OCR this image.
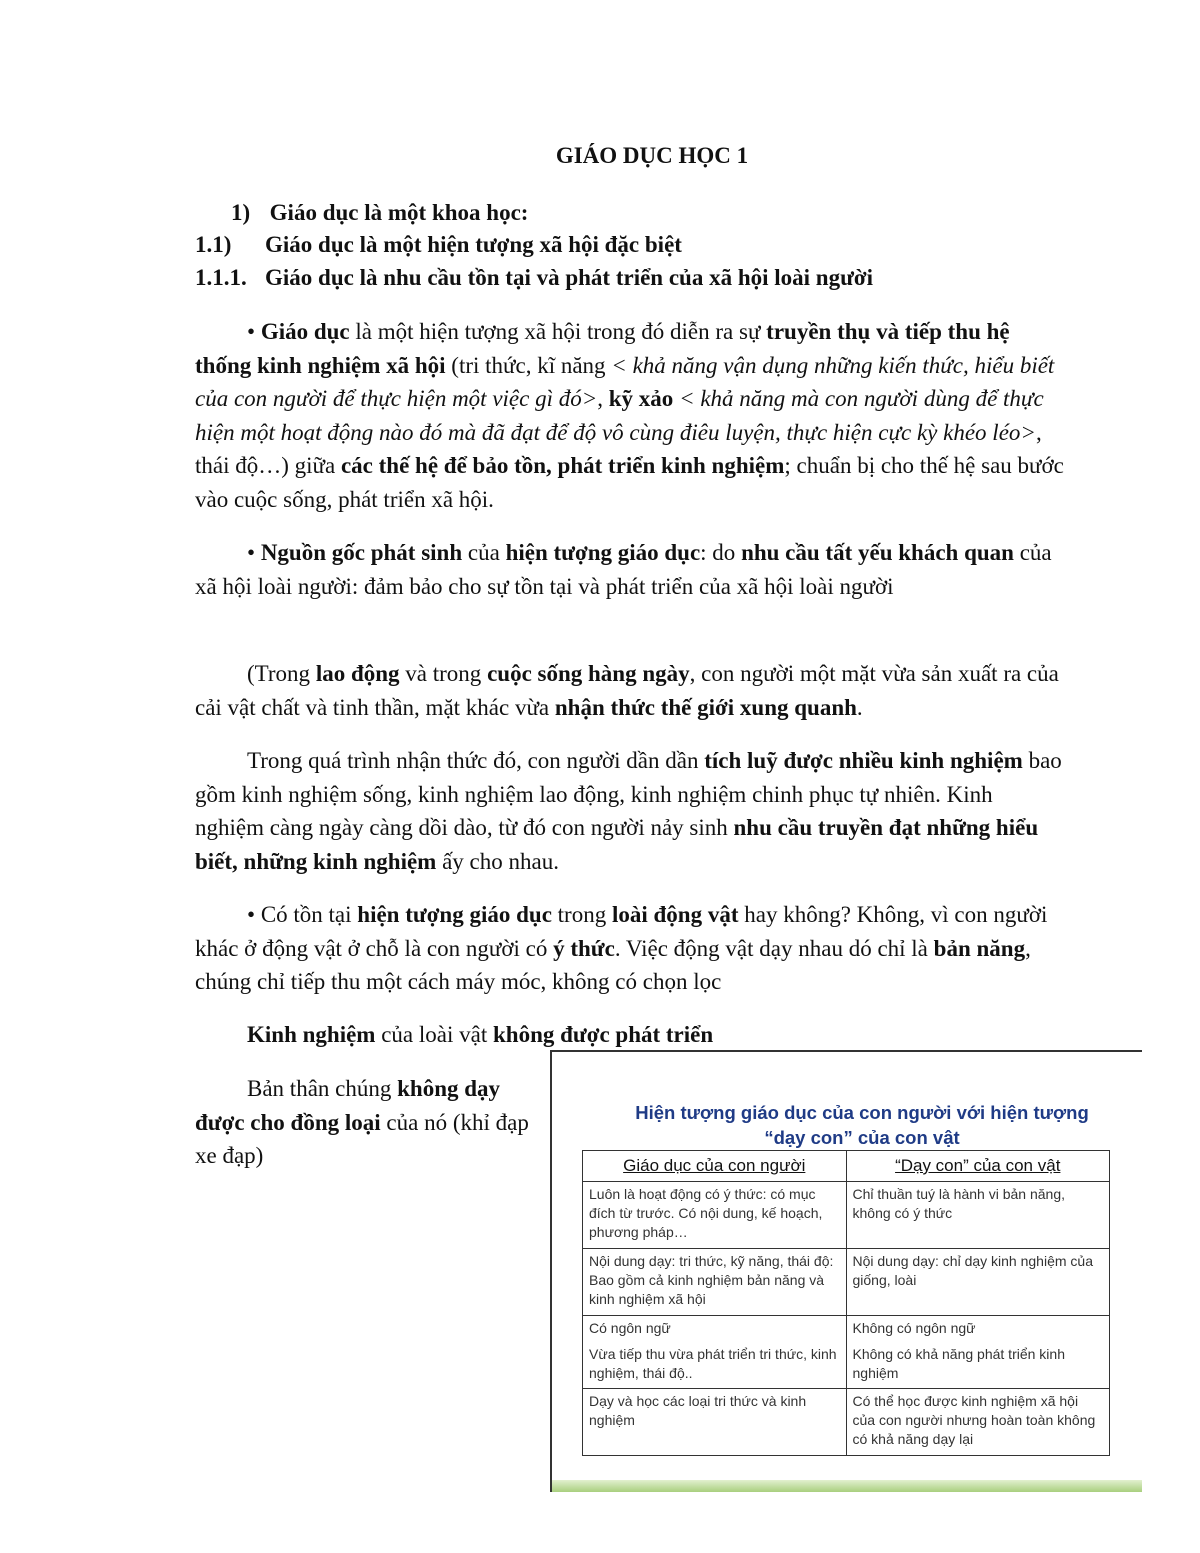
GIÁO DỤC HỌC 1
1) Giáo dục là một khoa học:
1.1) Giáo dục là một hiện tượng xã hội đặc biệt
1.1.1. Giáo dục là nhu cầu tồn tại và phát triển của xã hội loài người

• Giáo dục là một hiện tượng xã hội trong đó diễn ra sự truyền thụ và tiếp thu hệ thống kinh nghiệm xã hội (tri thức, kĩ năng < khả năng vận dụng những kiến thức, hiểu biết của con người để thực hiện một việc gì đó>, kỹ xảo < khả năng mà con người dùng để thực hiện một hoạt động nào đó mà đã đạt để độ vô cùng điêu luyện, thực hiện cực kỳ khéo léo>, thái độ…) giữa các thế hệ để bảo tồn, phát triển kinh nghiệm; chuẩn bị cho thế hệ sau bước vào cuộc sống, phát triển xã hội.

• Nguồn gốc phát sinh của hiện tượng giáo dục: do nhu cầu tất yếu khách quan của xã hội loài người: đảm bảo cho sự tồn tại và phát triển của xã hội loài người

(Trong lao động và trong cuộc sống hàng ngày, con người một mặt vừa sản xuất ra của cải vật chất và tinh thần, mặt khác vừa nhận thức thế giới xung quanh.

Trong quá trình nhận thức đó, con người dần dần tích luỹ được nhiều kinh nghiệm bao gồm kinh nghiệm sống, kinh nghiệm lao động, kinh nghiệm chinh phục tự nhiên. Kinh nghiệm càng ngày càng dồi dào, từ đó con người nảy sinh nhu cầu truyền đạt những hiểu biết, những kinh nghiệm ấy cho nhau.

• Có tồn tại hiện tượng giáo dục trong loài động vật hay không? Không, vì con người khác ở động vật ở chỗ là con người có ý thức. Việc động vật dạy nhau dó chỉ là bản năng, chúng chỉ tiếp thu một cách máy móc, không có chọn lọc

Kinh nghiệm của loài vật không được phát triển

Bản thân chúng không dạy được cho đồng loại của nó (khỉ đạp xe đạp)

Hiện tượng giáo dục của con người với hiện tượng
“dạy con” của con vật
Giáo dục của con người	“Dạy con” của con vật
Luôn là hoạt động có ý thức: có mục đích từ trước. Có nội dung, kế hoạch, phương pháp…	Chỉ thuần tuý là hành vi bản năng, không có ý thức
Nội dung dạy: tri thức, kỹ năng, thái độ: Bao gồm cả kinh nghiệm bản năng và kinh nghiệm xã hội	Nội dung dạy: chỉ dạy kinh nghiệm của giống, loài
Có ngôn ngữ	Không có ngôn ngữ
Vừa tiếp thu vừa phát triển tri thức, kinh nghiệm, thái độ..	Không có khả năng phát triển kinh nghiệm
Dạy và học các loại tri thức và kinh nghiệm	Có thể học được kinh nghiệm xã hội của con người nhưng hoàn toàn không có khả năng dạy lại
